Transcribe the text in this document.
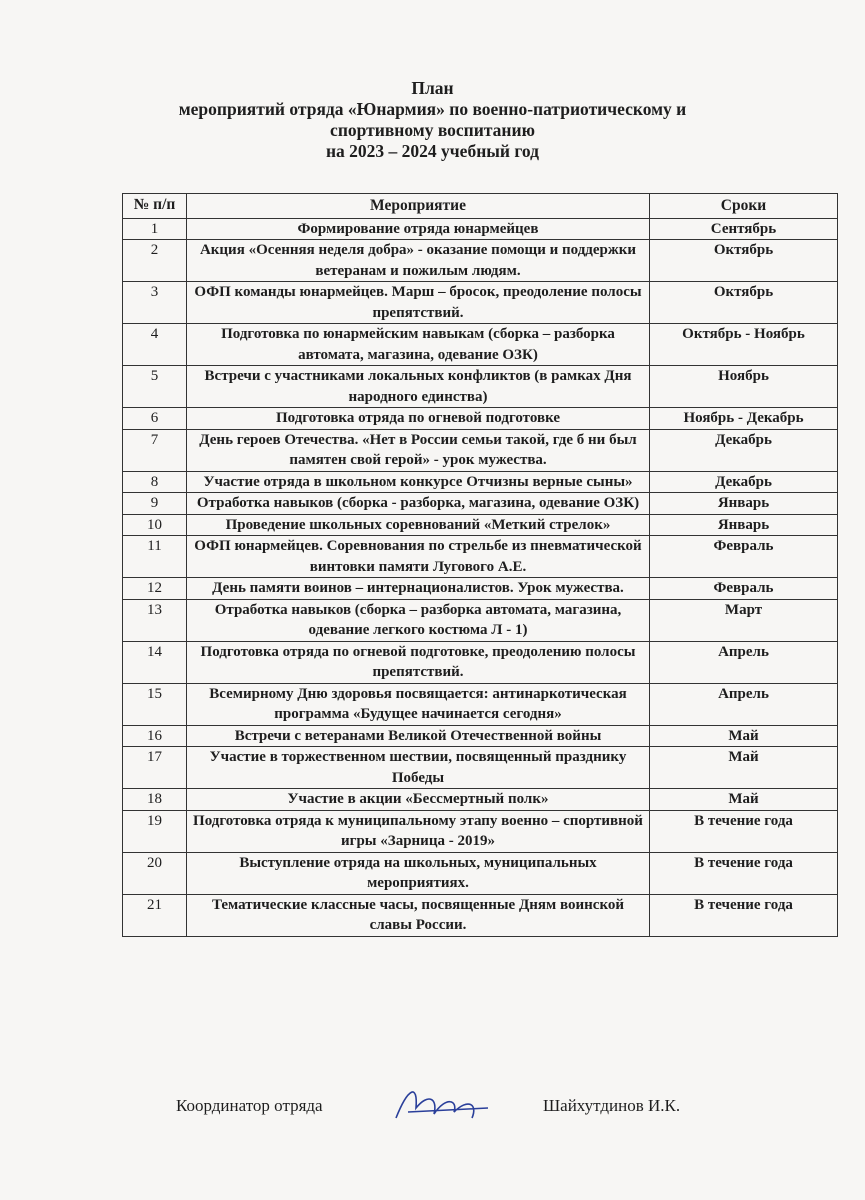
План
мероприятий отряда «Юнармия» по военно-патриотическому и
спортивному воспитанию
на 2023 – 2024 учебный год
№ п/п	Мероприятие	Сроки
1	Формирование отряда юнармейцев	Сентябрь
2	Акция «Осенняя неделя добра» - оказание помощи и поддержки ветеранам и пожилым людям.	Октябрь
3	ОФП команды юнармейцев. Марш – бросок, преодоление полосы препятствий.	Октябрь
4	Подготовка по юнармейским навыкам (сборка – разборка автомата, магазина, одевание ОЗК)	Октябрь - Ноябрь
5	Встречи с участниками локальных конфликтов (в рамках Дня народного единства)	Ноябрь
6	Подготовка отряда по огневой подготовке	Ноябрь - Декабрь
7	День героев Отечества. «Нет в России семьи такой, где б ни был памятен свой герой» - урок мужества.	Декабрь
8	Участие отряда в школьном конкурсе Отчизны верные сыны»	Декабрь
9	Отработка навыков (сборка - разборка, магазина, одевание ОЗК)	Январь
10	Проведение школьных соревнований «Меткий стрелок»	Январь
11	ОФП юнармейцев. Соревнования по стрельбе из пневматической винтовки памяти Лугового А.Е.	Февраль
12	День памяти воинов – интернационалистов. Урок мужества.	Февраль
13	Отработка навыков (сборка – разборка автомата, магазина, одевание легкого костюма Л - 1)	Март
14	Подготовка отряда по огневой подготовке, преодолению полосы препятствий.	Апрель
15	Всемирному Дню здоровья посвящается: антинаркотическая программа «Будущее начинается сегодня»	Апрель
16	Встречи с ветеранами Великой Отечественной войны	Май
17	Участие в торжественном шествии, посвященный празднику Победы	Май
18	Участие в акции «Бессмертный полк»	Май
19	Подготовка отряда к муниципальному этапу военно – спортивной игры «Зарница - 2019»	В течение года
20	Выступление отряда на школьных, муниципальных мероприятиях.	В течение года
21	Тематические классные часы, посвященные Дням воинской славы России.	В течение года
Координатор отряда	Шайхутдинов И.К.
